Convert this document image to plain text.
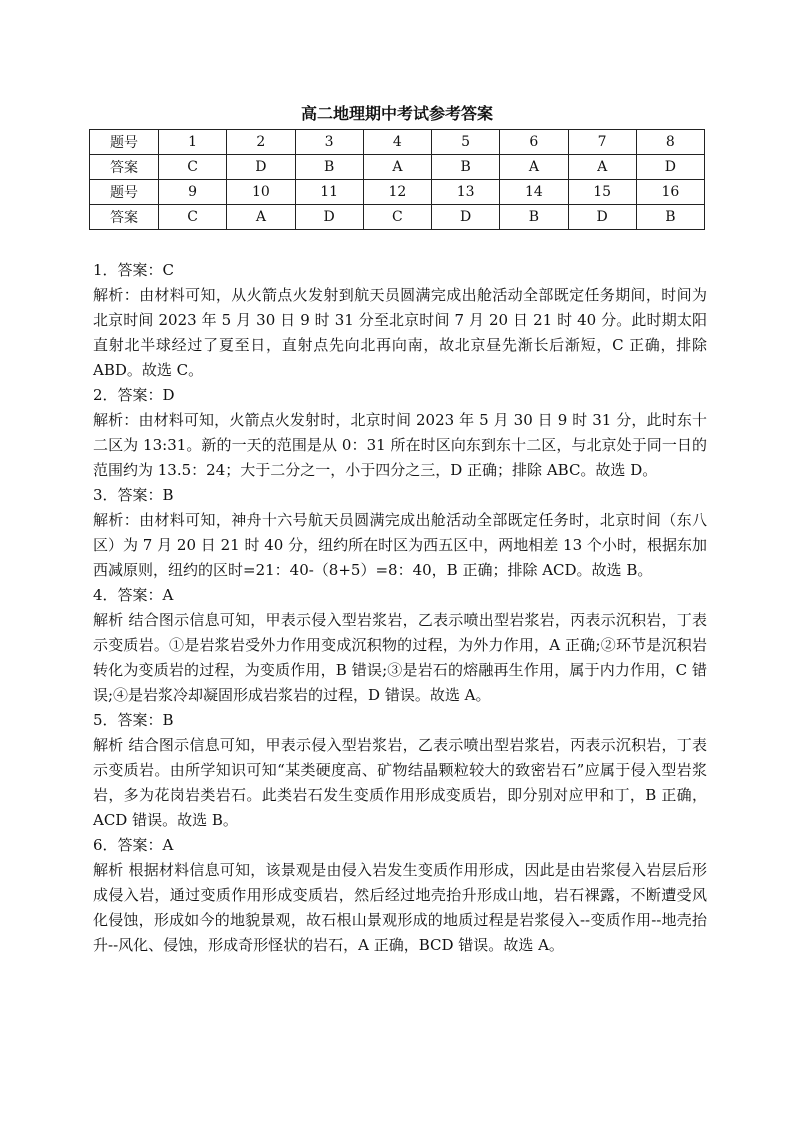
高二地理期中考试参考答案
题号	1	2	3	4	5	6	7	8
答案	C	D	B	A	B	A	A	D
题号	9	10	11	12	13	14	15	16
答案	C	A	D	C	D	B	D	B

1．答案：C

解析：由材料可知，从火箭点火发射到航天员圆满完成出舱活动全部既定任务期间，时间为北京时间 2023 年 5 月 30 日 9 时 31 分至北京时间 7 月 20 日 21 时 40 分。此时期太阳直射北半球经过了夏至日，直射点先向北再向南，故北京昼先渐长后渐短，C 正确，排除 ABD。故选 C。

2．答案：D

解析：由材料可知，火箭点火发射时，北京时间 2023 年 5 月 30 日 9 时 31 分，此时东十二区为 13:31。新的一天的范围是从 0：31 所在时区向东到东十二区，与北京处于同一日的范围约为 13.5：24；大于二分之一，小于四分之三，D 正确；排除 ABC。故选 D。

3．答案：B

解析：由材料可知，神舟十六号航天员圆满完成出舱活动全部既定任务时，北京时间（东八区）为 7 月 20 日 21 时 40 分，纽约所在时区为西五区中，两地相差 13 个小时，根据东加西减原则，纽约的区时=21：40-（8+5）=8：40，B 正确；排除 ACD。故选 B。

4．答案：A

解析 结合图示信息可知，甲表示侵入型岩浆岩，乙表示喷出型岩浆岩，丙表示沉积岩，丁表示变质岩。①是岩浆岩受外力作用变成沉积物的过程，为外力作用，A 正确;②环节是沉积岩转化为变质岩的过程，为变质作用，B 错误;③是岩石的熔融再生作用，属于内力作用，C 错误;④是岩浆冷却凝固形成岩浆岩的过程，D 错误。故选 A。

5．答案：B

解析 结合图示信息可知，甲表示侵入型岩浆岩，乙表示喷出型岩浆岩，丙表示沉积岩，丁表示变质岩。由所学知识可知“某类硬度高、矿物结晶颗粒较大的致密岩石”应属于侵入型岩浆岩，多为花岗岩类岩石。此类岩石发生变质作用形成变质岩，即分别对应甲和丁，B 正确，ACD 错误。故选 B。

6．答案：A

解析 根据材料信息可知，该景观是由侵入岩发生变质作用形成，因此是由岩浆侵入岩层后形成侵入岩，通过变质作用形成变质岩，然后经过地壳抬升形成山地，岩石裸露，不断遭受风化侵蚀，形成如今的地貌景观，故石根山景观形成的地质过程是岩浆侵入--变质作用--地壳抬升--风化、侵蚀，形成奇形怪状的岩石，A 正确，BCD 错误。故选 A。
